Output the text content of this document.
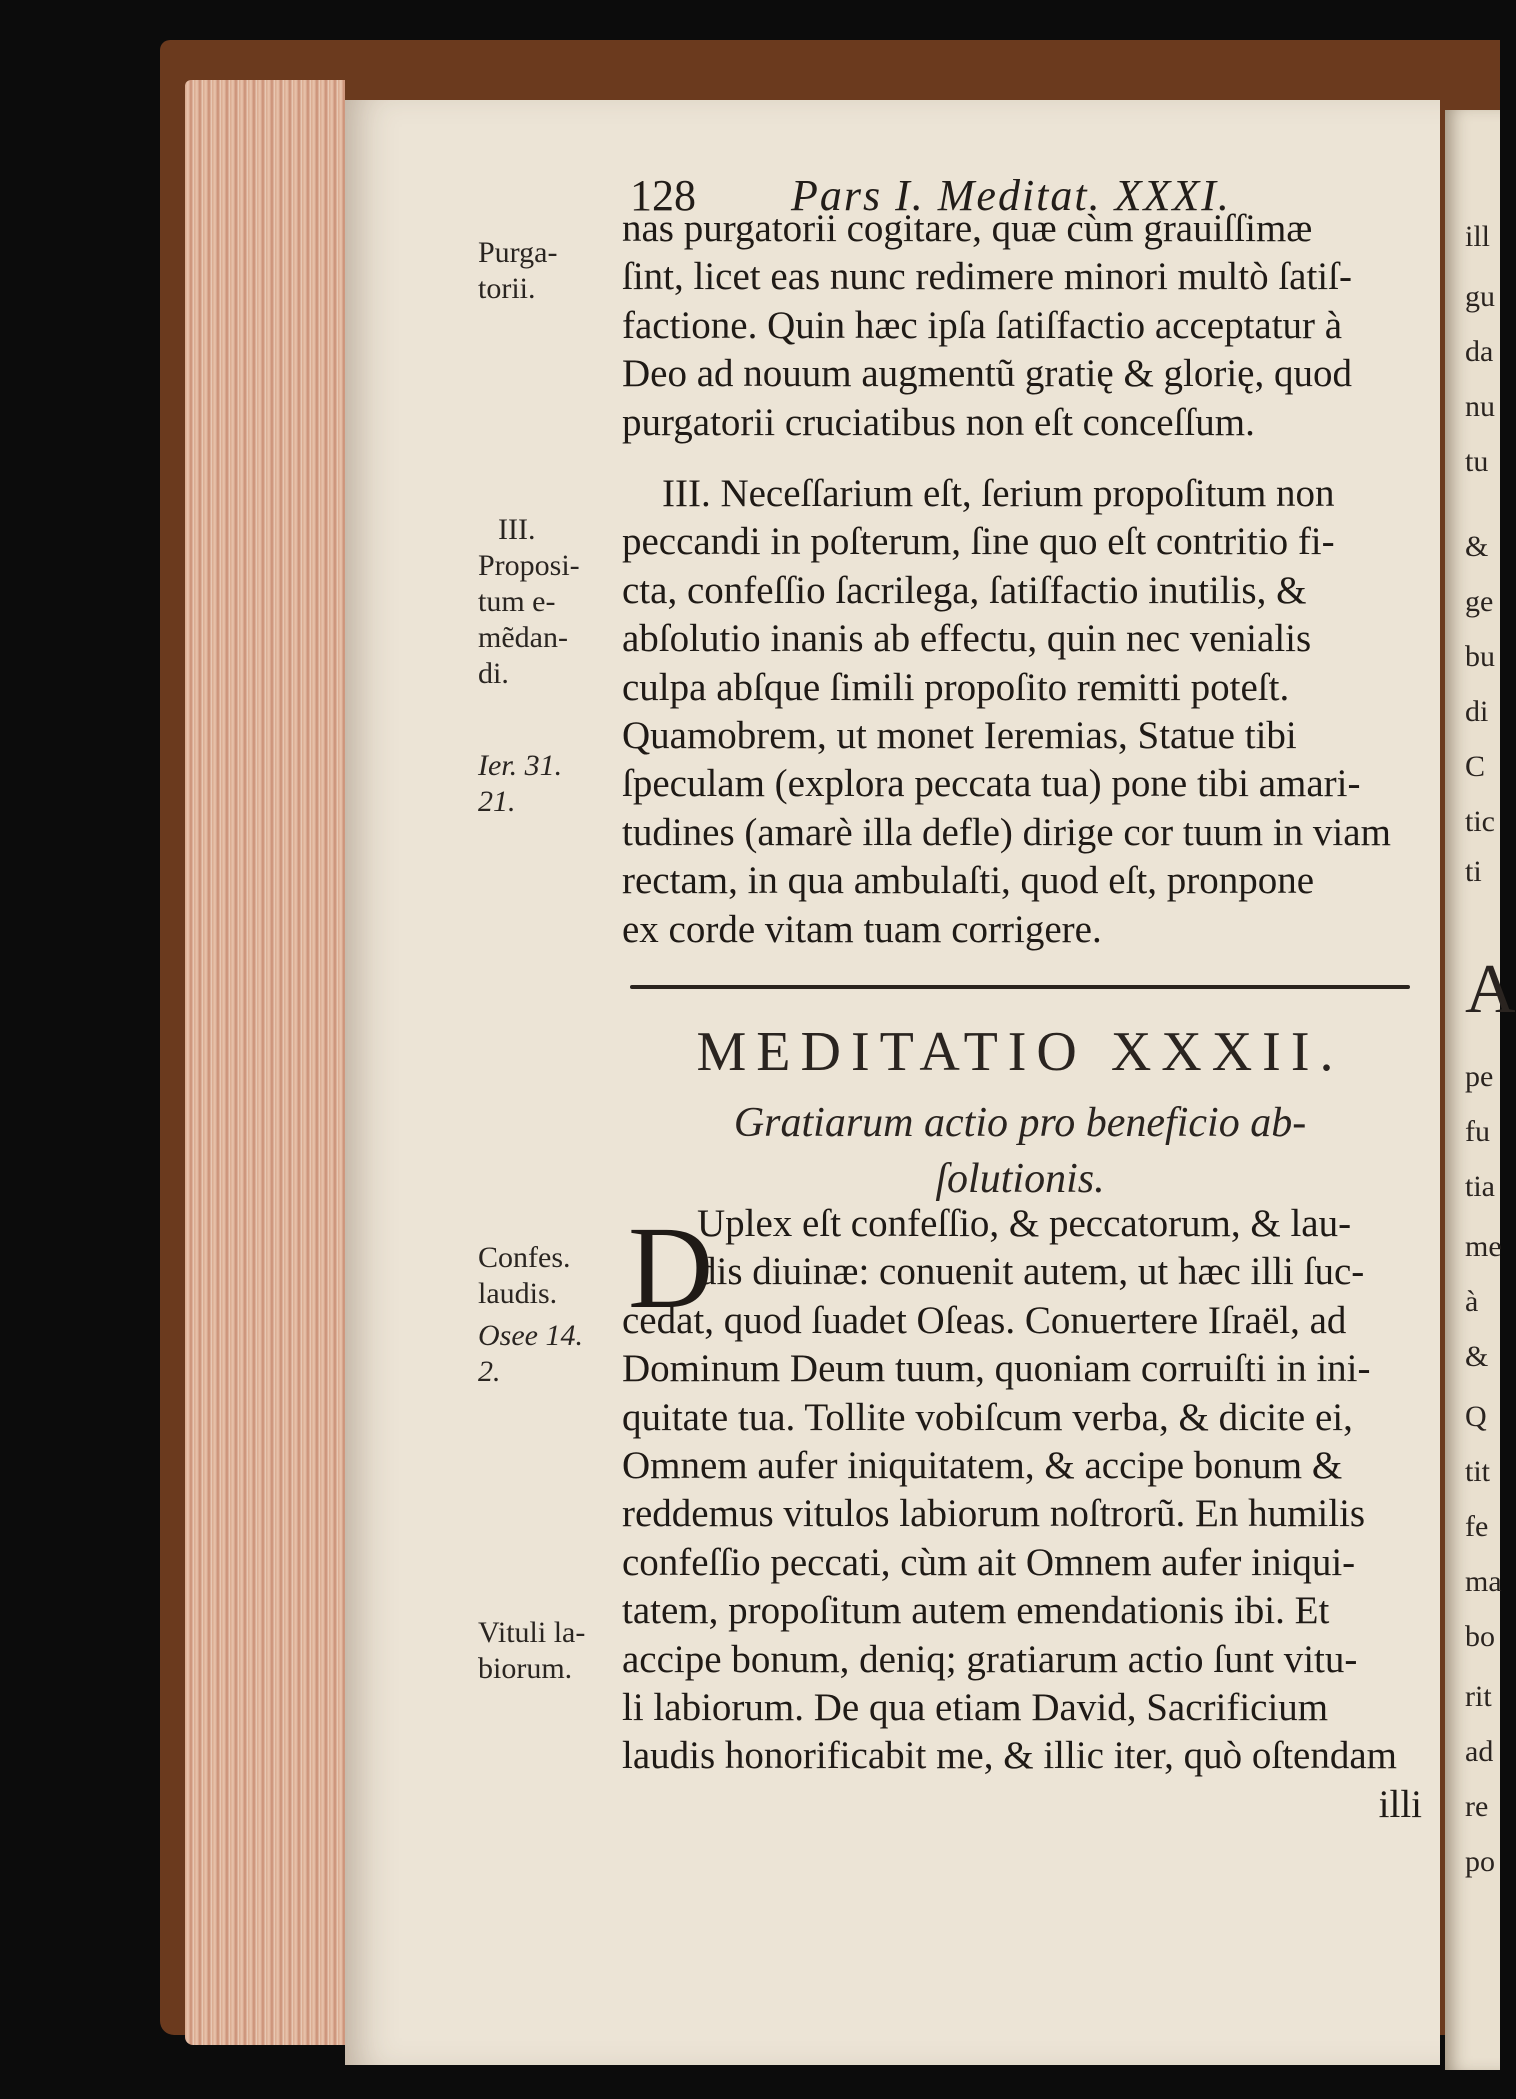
ill
gu
da
nu
tu
&
ge
bu
di
C
tic
ti
A
pe
fu
tia
me
à
&
Q
tit
fe
ma
bo
rit
ad
re
po
128 Pars I. Meditat. XXXI.
Purga-
torii.
III.
Proposi-
tum e-
mẽdan-
di.
Ier. 31.
21.
Confes.
laudis.
Osee 14.
2.
Vituli la-
biorum.
nas purgatorii cogitare, quæ cùm grauiſſimæ
ſint, licet eas nunc redimere minori multò ſatiſ-
factione. Quin hæc ipſa ſatiſfactio acceptatur à
Deo ad nouum augmentũ gratię & glorię, quod
purgatorii cruciatibus non eſt conceſſum.
III. Neceſſarium eſt, ſerium propoſitum non
peccandi in poſterum, ſine quo eſt contritio fi-
cta, confeſſio ſacrilega, ſatiſfactio inutilis, &
abſolutio inanis ab effectu, quin nec venialis
culpa abſque ſimili propoſito remitti poteſt.
Quamobrem, ut monet Ieremias, Statue tibi
ſpeculam (explora peccata tua) pone tibi amari-
tudines (amarè illa defle) dirige cor tuum in viam
rectam, in qua ambulaſti, quod eſt, pronpone
ex corde vitam tuam corrigere.
MEDITATIO XXXII.
Gratiarum actio pro beneficio ab-
ſolutionis.
D
Uplex eſt confeſſio, & peccatorum, & lau-
dis diuinæ: conuenit autem, ut hæc illi ſuc-
cedat, quod ſuadet Oſeas. Conuertere Iſraël, ad
Dominum Deum tuum, quoniam corruiſti in ini-
quitate tua. Tollite vobiſcum verba, & dicite ei,
Omnem aufer iniquitatem, & accipe bonum &
reddemus vitulos labiorum noſtrorũ. En humilis
confeſſio peccati, cùm ait Omnem aufer iniqui-
tatem, propoſitum autem emendationis ibi. Et
accipe bonum, deniq; gratiarum actio ſunt vitu-
li labiorum. De qua etiam David, Sacrificium
laudis honorificabit me, & illic iter, quò oſtendam
illi
